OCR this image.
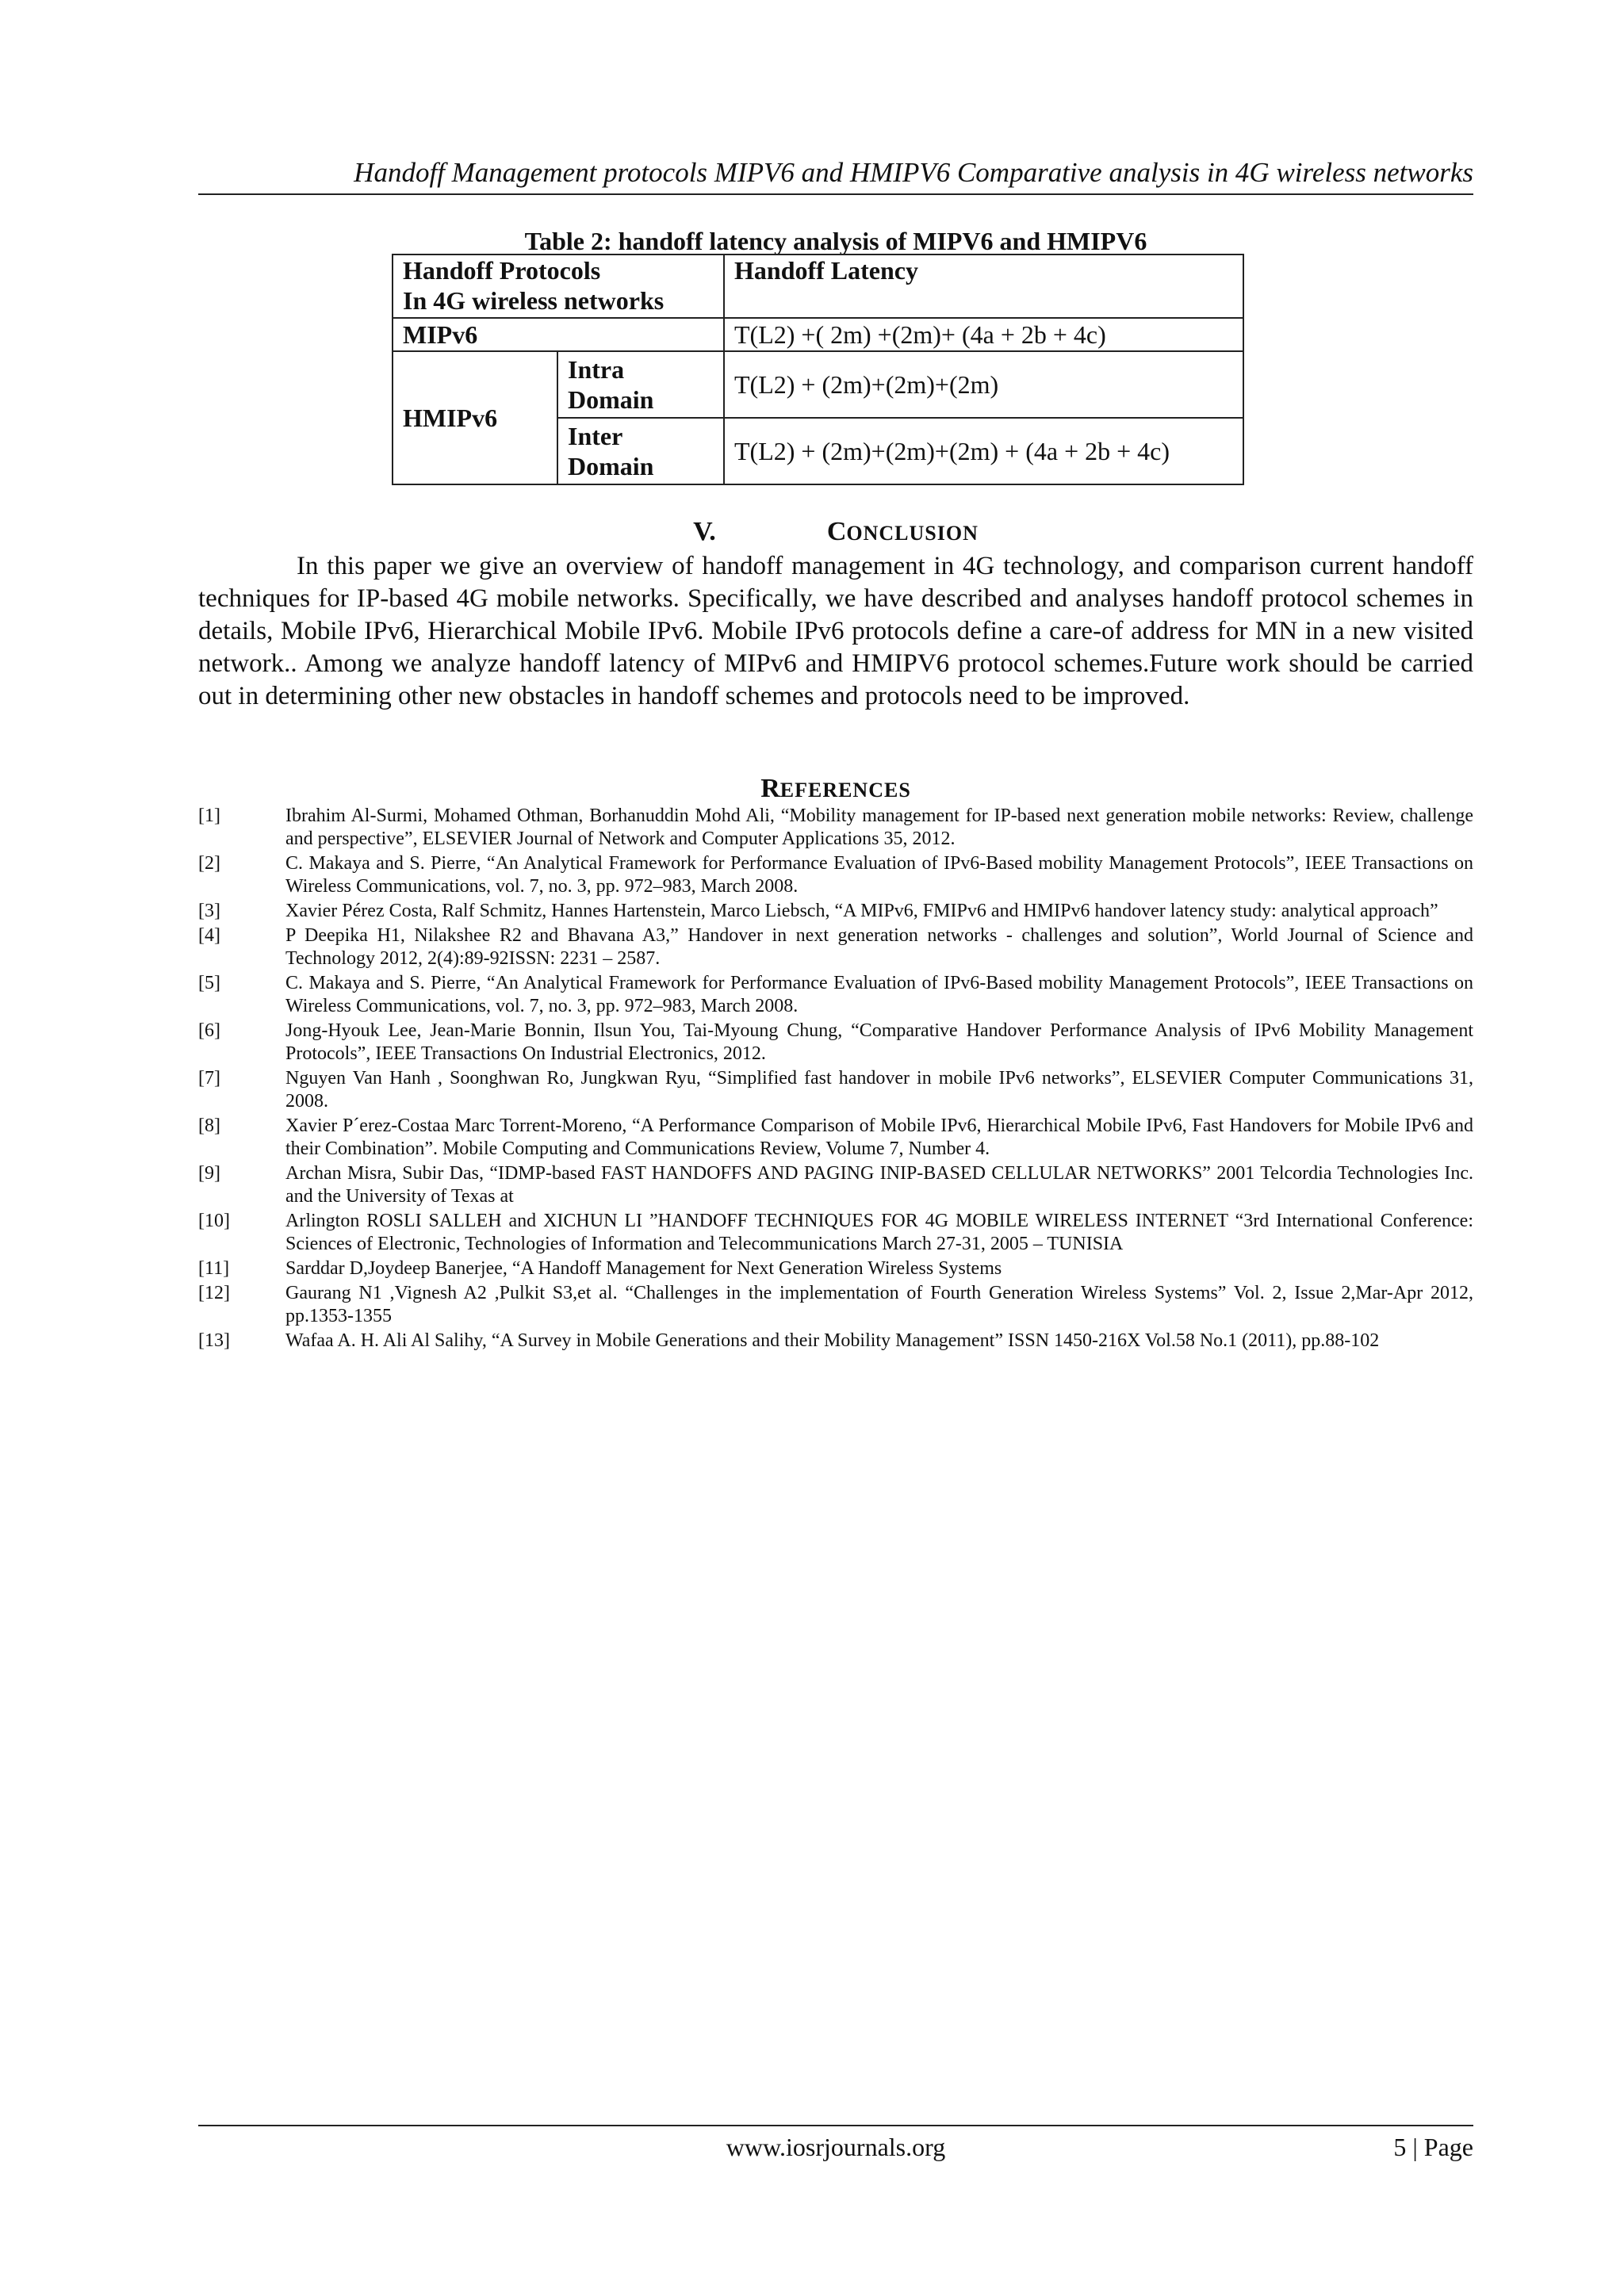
Handoff Management protocols MIPV6 and HMIPV6 Comparative analysis in 4G wireless networks
Table 2: handoff latency analysis of MIPV6 and HMIPV6
Handoff Protocols
In 4G wireless networks		Handoff Latency
MIPv6		T(L2) +( 2m) +(2m)+ (4a + 2b + 4c)
HMIPv6	Intra
Domain	T(L2) + (2m)+(2m)+(2m)

	Inter
Domain	T(L2) + (2m)+(2m)+(2m) + (4a + 2b + 4c)
V.	CONCLUSION

In this paper we give an overview of handoff management in 4G technology, and comparison current handoff techniques for IP-based 4G mobile networks. Specifically, we have described and analyses handoff protocol schemes in details, Mobile IPv6, Hierarchical Mobile IPv6. Mobile IPv6 protocols define a care-of address for MN in a new visited network.. Among we analyze handoff latency of MIPv6 and HMIPV6 protocol schemes.Future work should be carried out in determining other new obstacles in handoff schemes and protocols need to be improved.

REFERENCES
[1]	Ibrahim Al-Surmi, Mohamed Othman, Borhanuddin Mohd Ali, “Mobility management for IP-based next generation mobile networks: Review, challenge and perspective”, ELSEVIER Journal of Network and Computer Applications 35, 2012.
[2]	C. Makaya and S. Pierre, “An Analytical Framework for Performance Evaluation of IPv6-Based mobility Management Protocols”, IEEE Transactions on Wireless Communications, vol. 7, no. 3, pp. 972–983, March 2008.
[3]	Xavier Pérez Costa, Ralf Schmitz, Hannes Hartenstein, Marco Liebsch, “A MIPv6, FMIPv6 and HMIPv6 handover latency study: analytical approach”
[4]	P Deepika H1, Nilakshee R2 and Bhavana A3,” Handover in next generation networks - challenges and solution”, World Journal of Science and Technology 2012, 2(4):89-92ISSN: 2231 – 2587.
[5]	C. Makaya and S. Pierre, “An Analytical Framework for Performance Evaluation of IPv6-Based mobility Management Protocols”, IEEE Transactions on Wireless Communications, vol. 7, no. 3, pp. 972–983, March 2008.
[6]	Jong-Hyouk Lee, Jean-Marie Bonnin, Ilsun You, Tai-Myoung Chung, “Comparative Handover Performance Analysis of IPv6 Mobility Management Protocols”, IEEE Transactions On Industrial Electronics, 2012.
[7]	Nguyen Van Hanh , Soonghwan Ro, Jungkwan Ryu, “Simplified fast handover in mobile IPv6 networks”, ELSEVIER Computer Communications 31, 2008.
[8]	Xavier P´erez-Costaa Marc Torrent-Moreno, “A Performance Comparison of Mobile IPv6, Hierarchical Mobile IPv6, Fast Handovers for Mobile IPv6 and their Combination”. Mobile Computing and Communications Review, Volume 7, Number 4.
[9]	Archan Misra, Subir Das, “IDMP-based FAST HANDOFFS AND PAGING INIP-BASED CELLULAR NETWORKS” 2001 Telcordia Technologies Inc. and the University of Texas at
[10]	Arlington ROSLI SALLEH and XICHUN LI ”HANDOFF TECHNIQUES FOR 4G MOBILE WIRELESS INTERNET “3rd International Conference: Sciences of Electronic, Technologies of Information and Telecommunications March 27-31, 2005 – TUNISIA
[11]	Sarddar D,Joydeep Banerjee, “A Handoff Management for Next Generation Wireless Systems
[12]	Gaurang N1 ,Vignesh A2 ,Pulkit S3,et al. “Challenges in the implementation of Fourth Generation Wireless Systems” Vol. 2, Issue 2,Mar-Apr 2012, pp.1353-1355
[13]	Wafaa A. H. Ali Al Salihy, “A Survey in Mobile Generations and their Mobility Management” ISSN 1450-216X Vol.58 No.1 (2011), pp.88-102
www.iosrjournals.org	5 | Page
